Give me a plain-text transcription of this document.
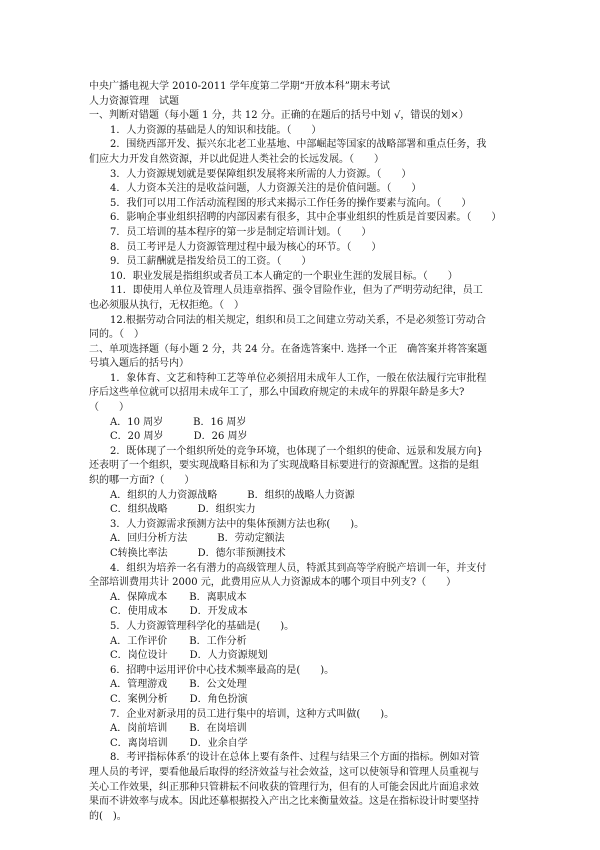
中央广播电视大学 2010-2011 学年度第二学期“开放本科”期末考试
人力资源管理　试题
一、判断对错题（每小题 1 分，共 12 分。正确的在题后的括号中划 √，错误的划×）
1．人力资源的基础是人的知识和技能。（　　）
2．围绕西部开发、振兴东北老工业基地、中部崛起等国家的战略部署和重点任务，我
们应大力开发自然资源，并以此促进人类社会的长远发展。（　　）
3．人力资源规划就是要保障组织发展将来所需的人力资源。（　　）
4．人力资本关注的是收益问题，人力资源关注的是价值问题。（　　）
5．我们可以用工作活动流程图的形式来揭示工作任务的操作要素与流向。（　　）
6．影响企事业组织招聘的内部因素有很多，其中企事业组织的性质是首要因素。（　　）
7．员工培训的基本程序的第一步是制定培训计划。（　　）
8．员工考评是人力资源管理过程中最为核心的环节。（　　）
9．员工薪酬就是指发给员工的工资。（　　）
10．职业发展是指组织或者员工本人确定的一个职业生涯的发展目标。（　　）
11．即使用人单位及管理人员违章指挥、强令冒险作业，但为了严明劳动纪律，员工
也必须服从执行，无权拒绝。（　）
12.根据劳动合同法的相关规定，组织和员工之间建立劳动关系，不是必须签订劳动合
同的。（　）
二、单项选择题（每小题 2 分，共 24 分。在备选答案中. 选择一个正　确答案并将答案题
号填入题后的括号内）
1．象体育、文艺和特种工艺等单位必须招用未成年人工作，一般在依法履行完审批程
序后这些单位就可以招用未成年工了，那么中国政府规定的未成年的界限年龄是多大?
（　　）
A．10 周岁	B．16 周岁
C．20 周岁	D．26 周岁
2．既体现了一个组织所处的竞争环境，也体现了一个组织的使命、远景和发展方向}
还表明了一个组织，要实现战略目标和为了实现战略目标要进行的资源配置。这指的是组
织的哪一方面?（　　）
A．组织的人力资源战略	B．组织的战略人力资源
C．组织战略	D．组织实力
3．人力资源需求预测方法中的集体预测方法也称(　　)。
A．回归分析方法	B．劳动定额法
C转换比率法	D．德尔菲预测技术
4．组织为培养一名有潜力的高级管理人员，特派其到高等学府脱产培训一年，并支付
全部培训费用共计 2000 元，此费用应从人力资源成本的哪个项目中列支?（　　）
A．保障成本 B．离职成本
C．使用成本 D．开发成本
5．人力资源管理科学化的基础是(　　)。
A．工作评价 B．工作分析
C．岗位设计 D．人力资源规划
6．招聘中运用评价中心技术频率最高的是(　　)。
A．管理游戏 B．公文处理
C．案例分析 D．角色扮演
7．企业对新录用的员工进行集中的培训，这种方式叫做(　　)。
A．岗前培训 B．在岗培训
C．离岗培训 D．业余自学
8．考评指标体系‘的设计在总体上要有条件、过程与结果三个方面的指标。例如对管
理人员的考评，要看他最后取得的经济效益与社会效益，这可以使领导和管理人员重视与
关心工作效果，纠正那种只管耕耘不问收获的管理行为，但有的人可能会因此片面追求效
果而不讲效率与成本。因此还摹根据投入产出之比来衡量效益。这是在指标设计时要坚持
的(　)。
